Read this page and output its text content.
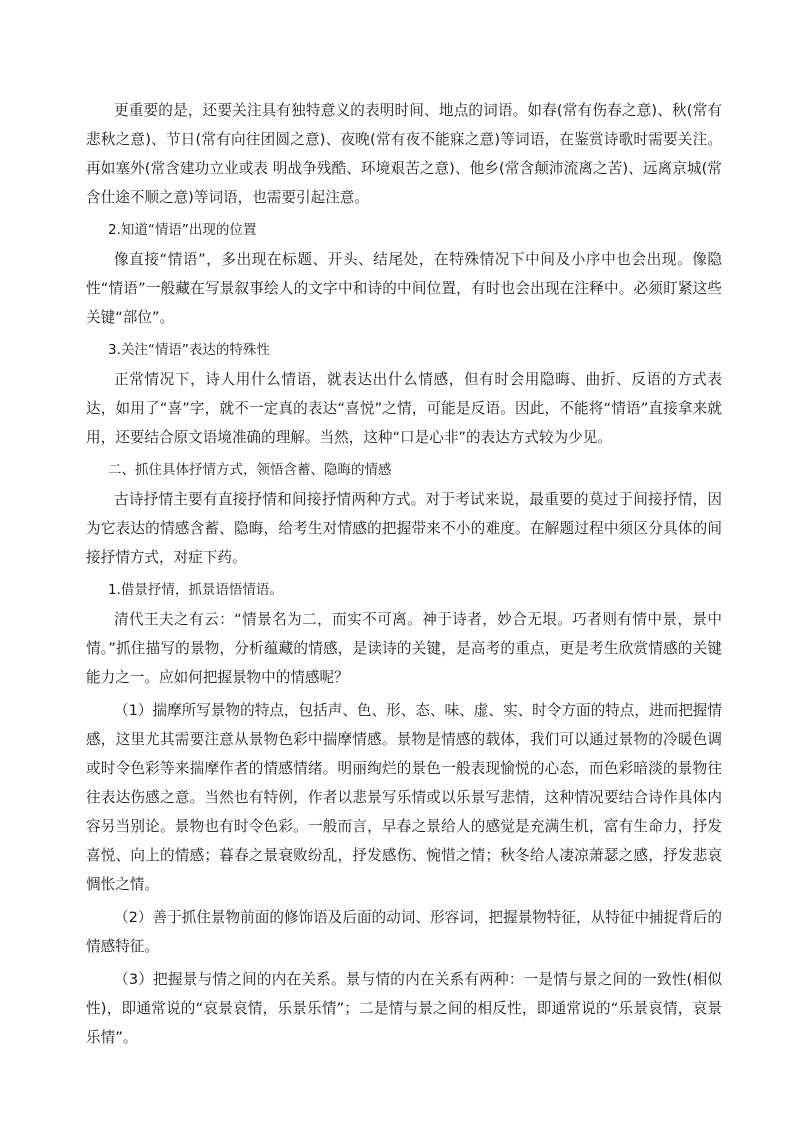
更重要的是，还要关注具有独特意义的表明时间、地点的词语。如春(常有伤春之意)、秋(常有悲秋之意)、节日(常有向往团圆之意)、夜晚(常有夜不能寐之意)等词语，在鉴赏诗歌时需要关注。再如塞外(常含建功立业或表 明战争残酷、环境艰苦之意)、他乡(常含颠沛流离之苦)、远离京城(常含仕途不顺之意)等词语，也需要引起注意。

2.知道“情语”出现的位置

像直接“情语”，多出现在标题、开头、结尾处，在特殊情况下中间及小序中也会出现。像隐性“情语”一般藏在写景叙事绘人的文字中和诗的中间位置，有时也会出现在注释中。必须盯紧这些关键“部位”。

3.关注“情语”表达的特殊性

正常情况下，诗人用什么情语，就表达出什么情感，但有时会用隐晦、曲折、反语的方式表达，如用了“喜”字，就不一定真的表达“喜悦”之情，可能是反语。因此，不能将“情语”直接拿来就用，还要结合原文语境准确的理解。当然，这种“口是心非”的表达方式较为少见。

二、抓住具体抒情方式，领悟含蓄、隐晦的情感

古诗抒情主要有直接抒情和间接抒情两种方式。对于考试来说，最重要的莫过于间接抒情，因为它表达的情感含蓄、隐晦，给考生对情感的把握带来不小的难度。在解题过程中须区分具体的间接抒情方式，对症下药。

1.借景抒情，抓景语悟情语。

清代王夫之有云：“情景名为二，而实不可离。神于诗者，妙合无垠。巧者则有情中景，景中情。”抓住描写的景物，分析蕴藏的情感，是读诗的关键，是高考的重点，更是考生欣赏情感的关键能力之一。应如何把握景物中的情感呢？

（1）揣摩所写景物的特点，包括声、色、形、态、味、虚、实、时令方面的特点，进而把握情感，这里尤其需要注意从景物色彩中揣摩情感。景物是情感的载体，我们可以通过景物的冷暖色调或时令色彩等来揣摩作者的情感情绪。明丽绚烂的景色一般表现愉悦的心态，而色彩暗淡的景物往往表达伤感之意。当然也有特例，作者以悲景写乐情或以乐景写悲情，这种情况要结合诗作具体内容另当别论。景物也有时令色彩。一般而言，早春之景给人的感觉是充满生机，富有生命力，抒发喜悦、向上的情感；暮春之景衰败纷乱，抒发感伤、惋惜之情；秋冬给人凄凉萧瑟之感，抒发悲哀惆怅之情。

（2）善于抓住景物前面的修饰语及后面的动词、形容词，把握景物特征，从特征中捕捉背后的情感特征。

（3）把握景与情之间的内在关系。景与情的内在关系有两种：一是情与景之间的一致性(相似性)，即通常说的“哀景哀情，乐景乐情”；二是情与景之间的相反性，即通常说的“乐景哀情，哀景乐情”。
